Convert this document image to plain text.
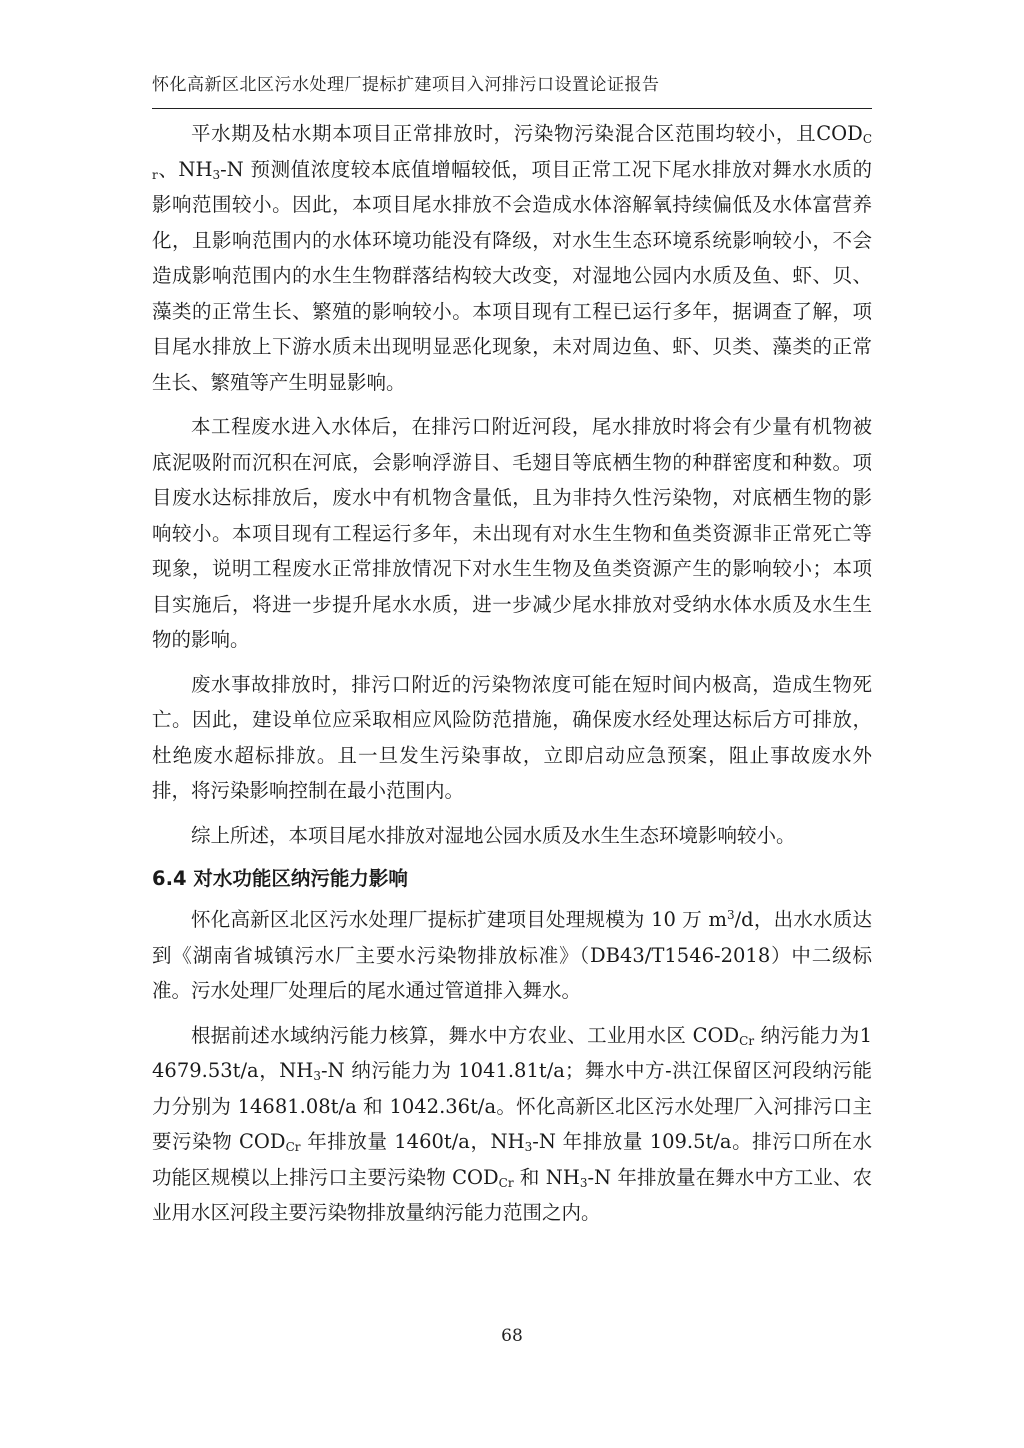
怀化高新区北区污水处理厂提标扩建项目入河排污口设置论证报告

平水期及枯水期本项目正常排放时，污染物污染混合区范围均较小，且$COD_{Cr}$、$NH_3-N$ 预测值浓度较本底值增幅较低，项目正常工况下尾水排放对舞水水质的影响范围较小。因此，本项目尾水排放不会造成水体溶解氧持续偏低及水体富营养化，且影响范围内的水体环境功能没有降级，对水生生态环境系统影响较小，不会造成影响范围内的水生生物群落结构较大改变，对湿地公园内水质及鱼、虾、贝、藻类的正常生长、繁殖的影响较小。本项目现有工程已运行多年，据调查了解，项目尾水排放上下游水质未出现明显恶化现象，未对周边鱼、虾、贝类、藻类的正常生长、繁殖等产生明显影响。

本工程废水进入水体后，在排污口附近河段，尾水排放时将会有少量有机物被底泥吸附而沉积在河底，会影响浮游目、毛翅目等底栖生物的种群密度和种数。项目废水达标排放后，废水中有机物含量低，且为非持久性污染物，对底栖生物的影响较小。本项目现有工程运行多年，未出现有对水生生物和鱼类资源非正常死亡等现象，说明工程废水正常排放情况下对水生生物及鱼类资源产生的影响较小；本项目实施后，将进一步提升尾水水质，进一步减少尾水排放对受纳水体水质及水生生物的影响。

废水事故排放时，排污口附近的污染物浓度可能在短时间内极高，造成生物死亡。因此，建设单位应采取相应风险防范措施，确保废水经处理达标后方可排放，杜绝废水超标排放。且一旦发生污染事故，立即启动应急预案，阻止事故废水外排，将污染影响控制在最小范围内。

综上所述，本项目尾水排放对湿地公园水质及水生生态环境影响较小。

6.4 对水功能区纳污能力影响

怀化高新区北区污水处理厂提标扩建项目处理规模为 10 万 $m^3/d$，出水水质达到《湖南省城镇污水厂主要水污染物排放标准》（DB43/T1546-2018）中二级标准。污水处理厂处理后的尾水通过管道排入舞水。

根据前述水域纳污能力核算，舞水中方农业、工业用水区 $COD_{Cr}$ 纳污能力为14679.53t/a，$NH_3-N$ 纳污能力为 1041.81t/a；舞水中方-洪江保留区河段纳污能力分别为 14681.08t/a 和 1042.36t/a。怀化高新区北区污水处理厂入河排污口主要污染物 $COD_{Cr}$ 年排放量 1460t/a，$NH_3-N$ 年排放量 109.5t/a。排污口所在水功能区规模以上排污口主要污染物 $COD_{Cr}$ 和 $NH_3-N$ 年排放量在舞水中方工业、农业用水区河段主要污染物排放量纳污能力范围之内。

68
